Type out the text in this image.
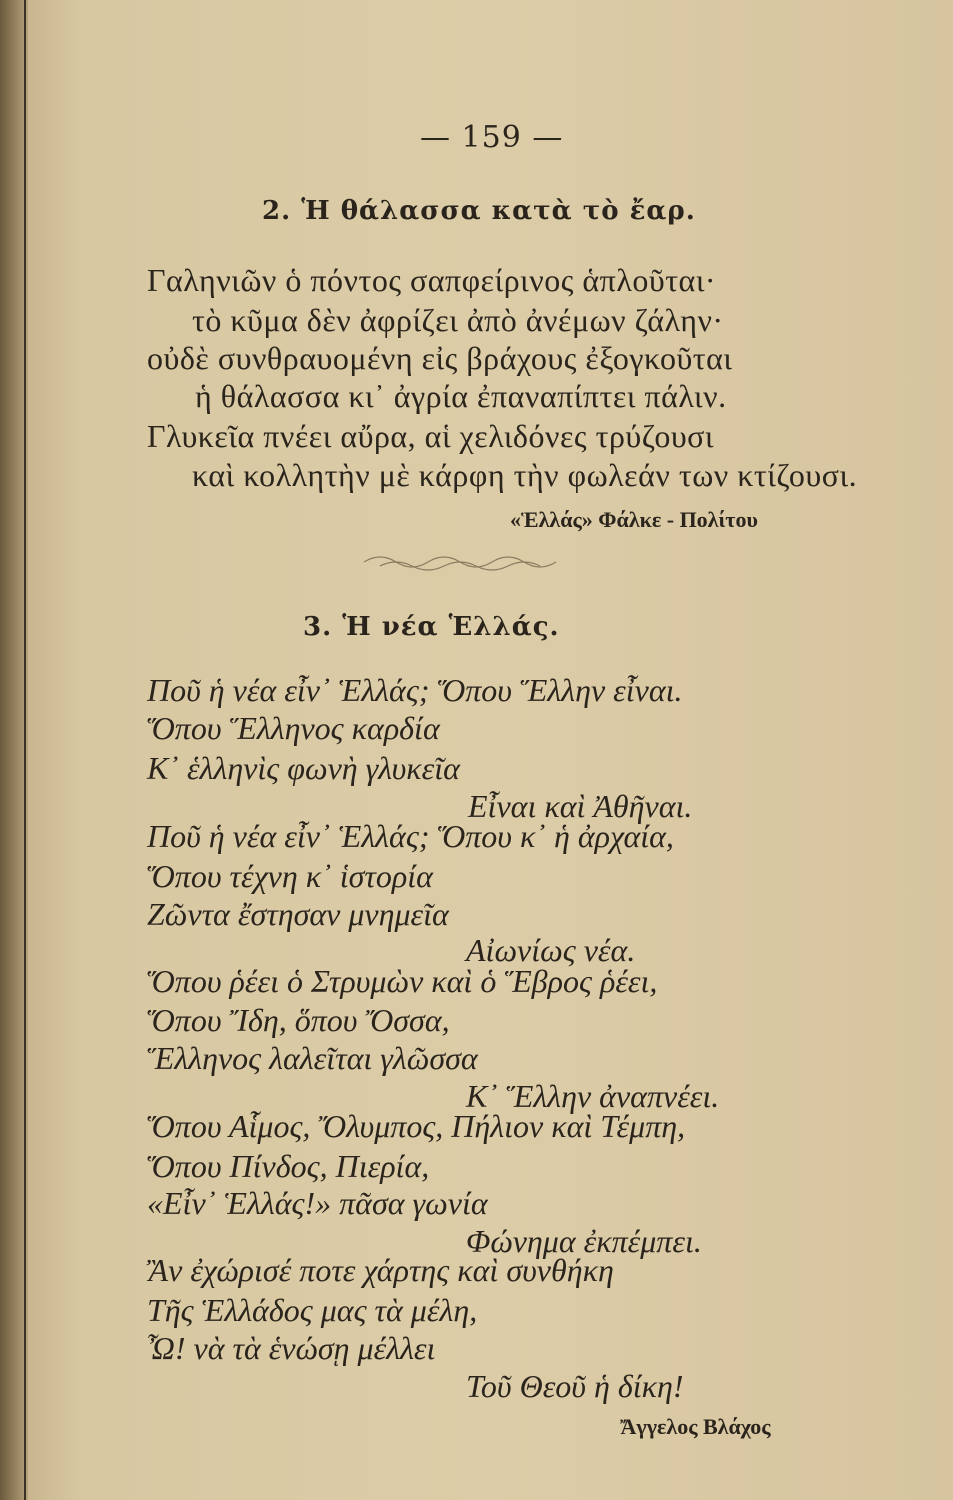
— 159 —
2. Ἡ θάλασσα κατὰ τὸ ἔαρ.
Γαληνιῶν ὁ πόντος σαπφείρινος ἁπλοῦται·
τὸ κῦμα δὲν ἀφρίζει ἀπὸ ἀνέμων ζάλην·
οὐδὲ συνθραυομένη εἰς βράχους ἐξογκοῦται
ἡ θάλασσα κι᾿ ἀγρία ἐπαναπίπτει πάλιν.
Γλυκεῖα πνέει αὔρα, αἱ χελιδόνες τρύζουσι
καὶ κολλητὴν μὲ κάρφη τὴν φωλεάν των κτίζουσι.
«Ἑλλάς» Φάλκε - Πολίτου
3. Ἡ νέα Ἑλλάς.
Ποῦ ἡ νέα εἶν᾿ Ἑλλάς; Ὅπου Ἕλλην εἶναι.
Ὅπου Ἕλληνος καρδία
Κ᾿ ἑλληνὶς φωνὴ γλυκεῖα
Εἶναι καὶ Ἀθῆναι.
Ποῦ ἡ νέα εἶν᾿ Ἑλλάς; Ὅπου κ᾿ ἡ ἀρχαία,
Ὅπου τέχνη κ᾿ ἱστορία
Ζῶντα ἔστησαν μνημεῖα
Αἰωνίως νέα.
Ὅπου ῥέει ὁ Στρυμὼν καὶ ὁ Ἕβρος ῥέει,
Ὅπου Ἴδη, ὅπου Ὄσσα,
Ἕλληνος λαλεῖται γλῶσσα
Κ᾿ Ἕλλην ἀναπνέει.
Ὅπου Αἷμος, Ὄλυμπος, Πήλιον καὶ Τέμπη,
Ὅπου Πίνδος, Πιερία,
«Εἶν᾿ Ἑλλάς!» πᾶσα γωνία
Φώνημα ἐκπέμπει.
Ἂν ἐχώρισέ ποτε χάρτης καὶ συνθήκη
Τῆς Ἑλλάδος μας τὰ μέλη,
Ὦ! νὰ τὰ ἑνώσῃ μέλλει
Τοῦ Θεοῦ ἡ δίκη!
Ἄγγελος Βλάχος
